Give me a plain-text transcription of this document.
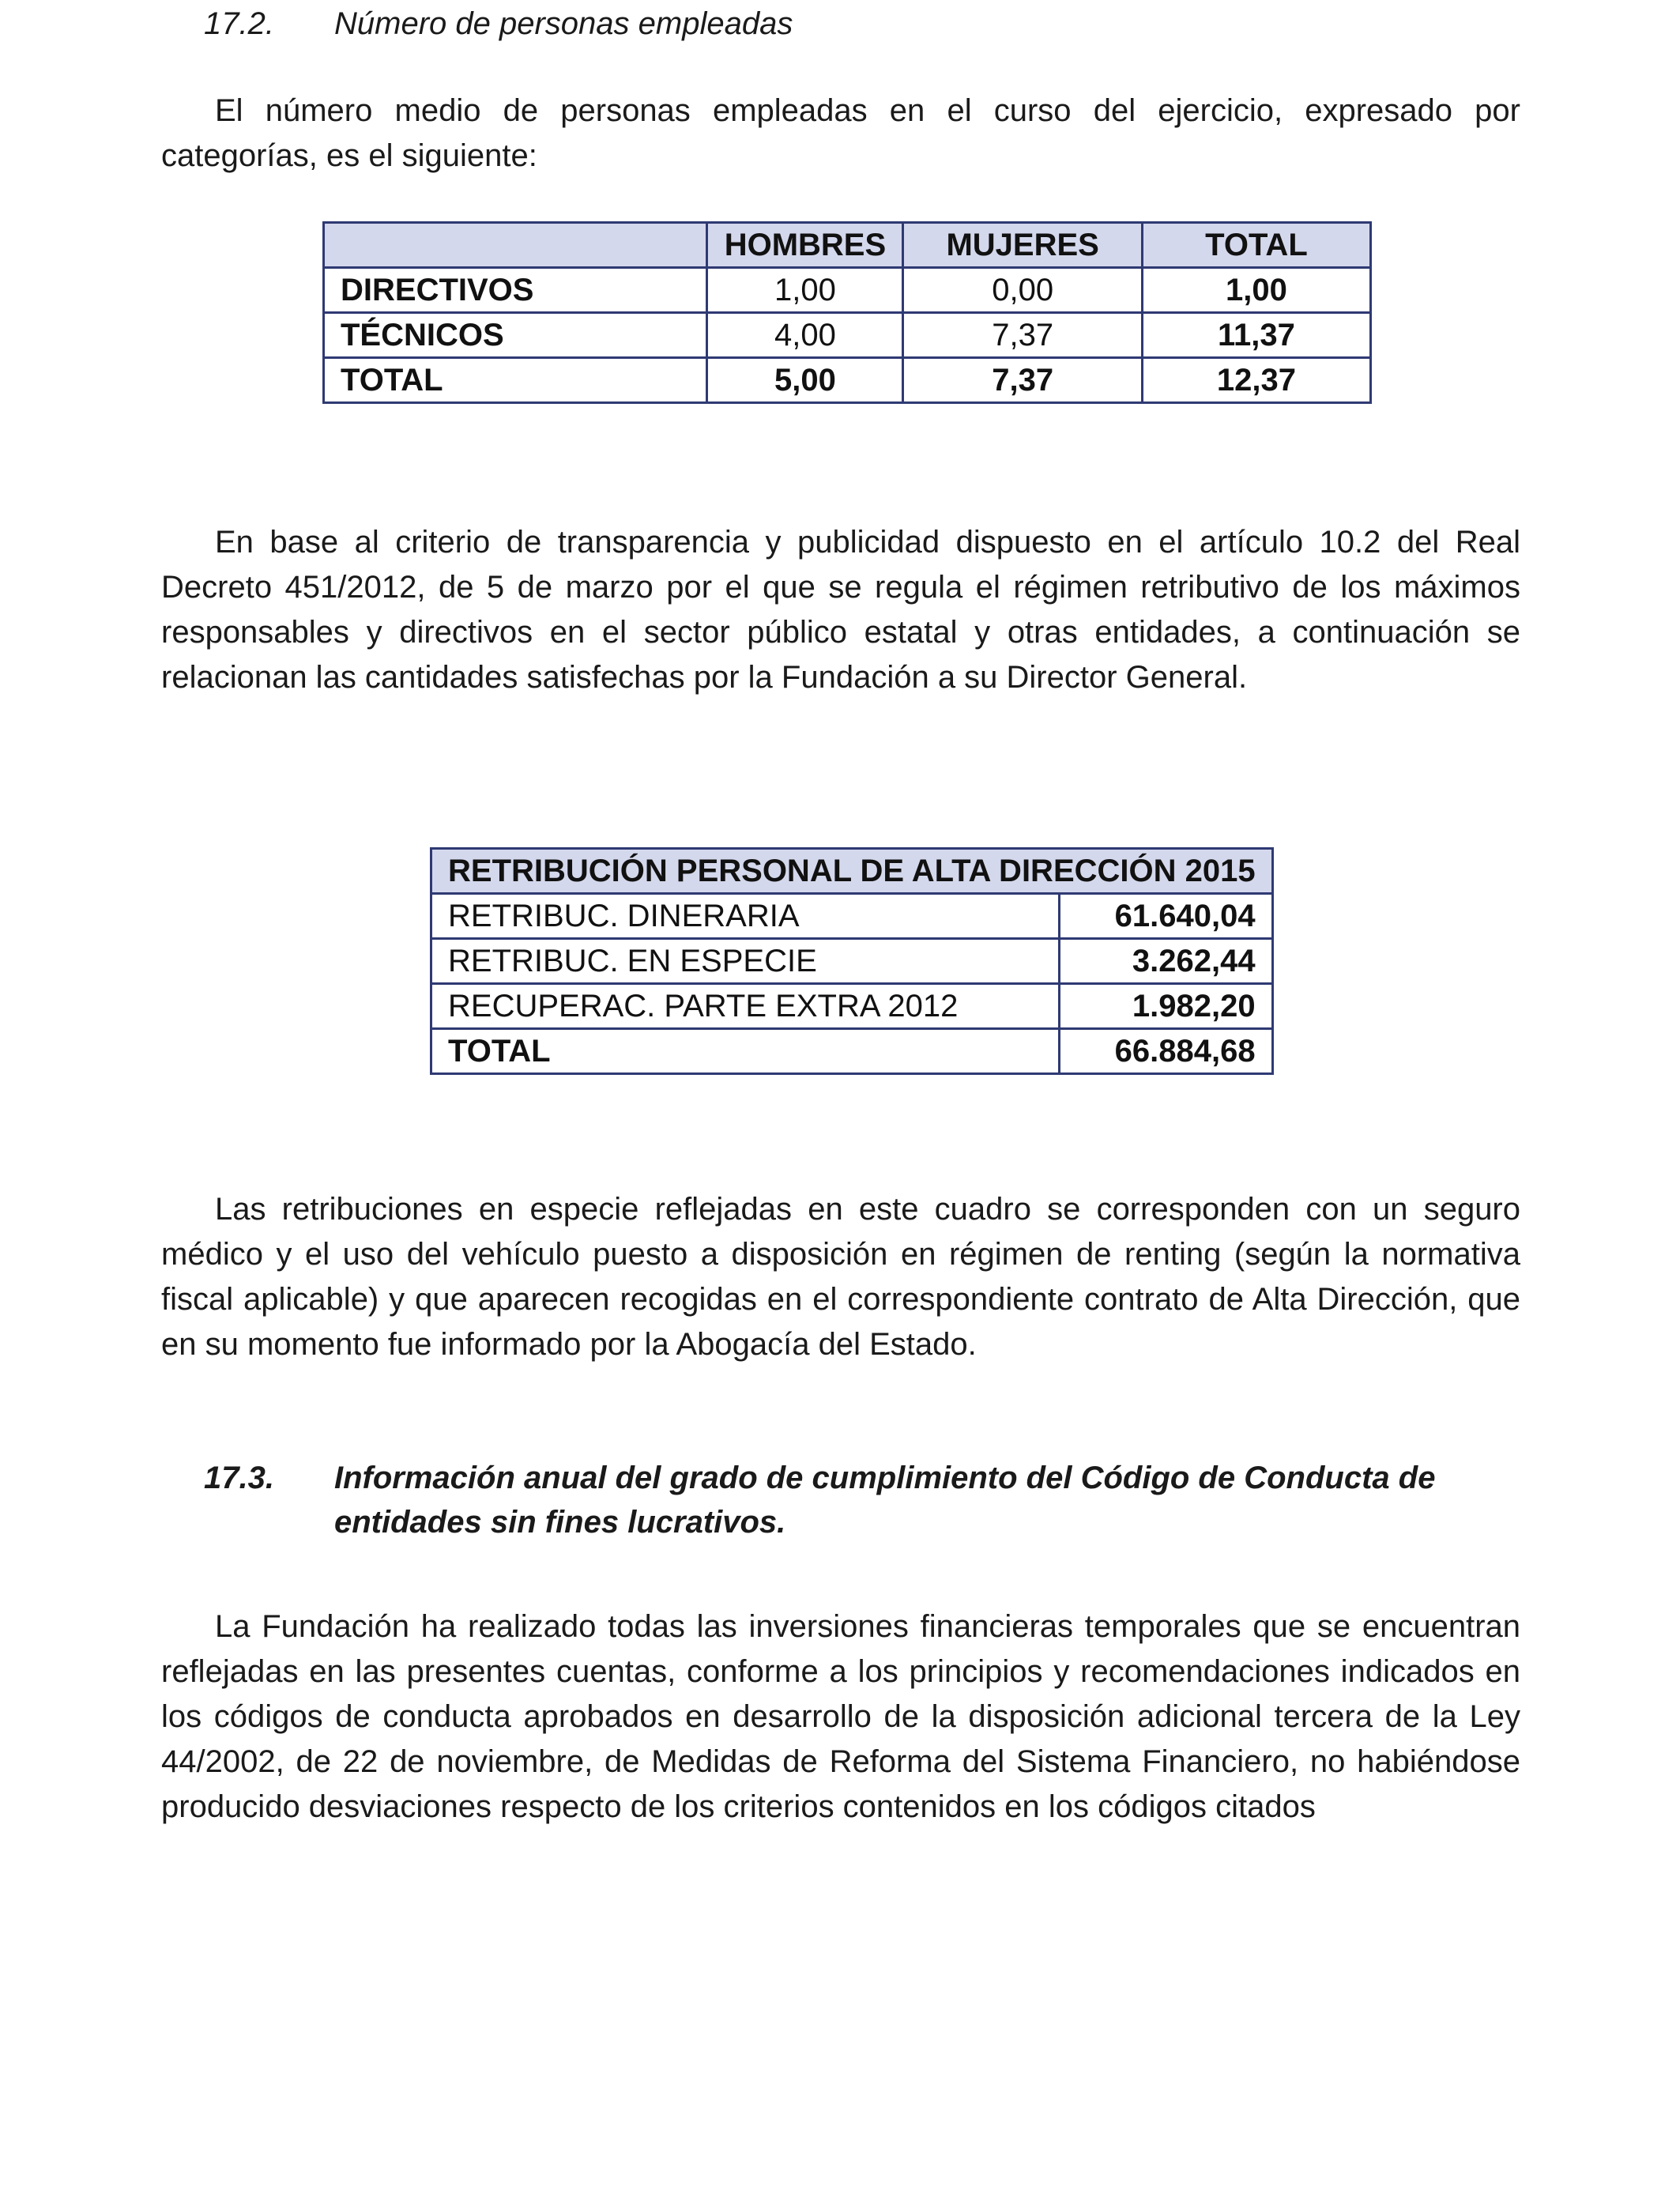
17.2. Número de personas empleadas
El número medio de personas empleadas en el curso del ejercicio, expresado por categorías, es el siguiente:
	HOMBRES	MUJERES	TOTAL
DIRECTIVOS	1,00	0,00	1,00
TÉCNICOS	4,00	7,37	11,37
TOTAL	5,00	7,37	12,37
En base al criterio de transparencia y publicidad dispuesto en el artículo 10.2 del Real Decreto 451/2012, de 5 de marzo por el que se regula el régimen retributivo de los máximos responsables y directivos en el sector público estatal y otras entidades, a continuación se relacionan las cantidades satisfechas por la Fundación a su Director General.
RETRIBUCIÓN PERSONAL DE ALTA DIRECCIÓN 2015	
RETRIBUC. DINERARIA	61.640,04
RETRIBUC. EN ESPECIE	3.262,44
RECUPERAC. PARTE EXTRA 2012	1.982,20
TOTAL	66.884,68
Las retribuciones en especie reflejadas en este cuadro se corresponden con un seguro médico y el uso del vehículo puesto a disposición en régimen de renting (según la normativa fiscal aplicable) y que aparecen recogidas en el correspondiente contrato de Alta Dirección, que en su momento fue informado por la Abogacía del Estado.
17.3. Información anual del grado de cumplimiento del Código de Conducta de
entidades sin fines lucrativos.
La Fundación ha realizado todas las inversiones financieras temporales que se encuentran reflejadas en las presentes cuentas, conforme a los principios y recomendaciones indicados en los códigos de conducta aprobados en desarrollo de la disposición adicional tercera de la Ley 44/2002, de 22 de noviembre, de Medidas de Reforma del Sistema Financiero, no habiéndose producido desviaciones respecto de los criterios contenidos en los códigos citados
